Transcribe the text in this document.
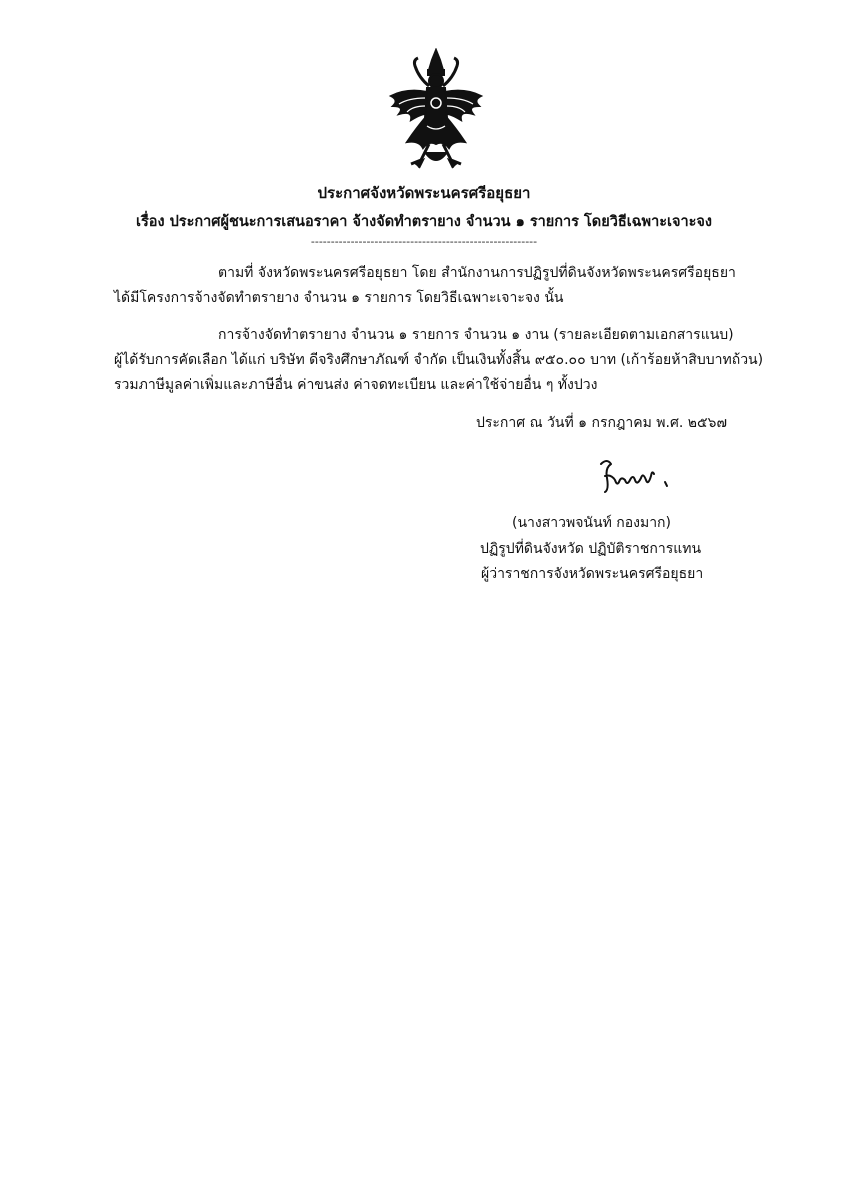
ประกาศจังหวัดพระนครศรีอยุธยา
เรื่อง ประกาศผู้ชนะการเสนอราคา จ้างจัดทำตรายาง จำนวน ๑ รายการ โดยวิธีเฉพาะเจาะจง
---------------------------------------------------------
ตามที่ จังหวัดพระนครศรีอยุธยา โดย สำนักงานการปฏิรูปที่ดินจังหวัดพระนครศรีอยุธยา
ได้มีโครงการจ้างจัดทำตรายาง จำนวน ๑ รายการ โดยวิธีเฉพาะเจาะจง นั้น
การจ้างจัดทำตรายาง จำนวน ๑ รายการ จำนวน ๑ งาน (รายละเอียดตามเอกสารแนบ)
ผู้ได้รับการคัดเลือก ได้แก่ บริษัท ดีจริงศึกษาภัณฑ์ จำกัด เป็นเงินทั้งสิ้น ๙๕๐.๐๐ บาท (เก้าร้อยห้าสิบบาทถ้วน)
รวมภาษีมูลค่าเพิ่มและภาษีอื่น ค่าขนส่ง ค่าจดทะเบียน และค่าใช้จ่ายอื่น ๆ ทั้งปวง
ประกาศ ณ วันที่ ๑ กรกฎาคม พ.ศ. ๒๕๖๗
(นางสาวพจนันท์ กองมาก)
ปฏิรูปที่ดินจังหวัด ปฏิบัติราชการแทน
ผู้ว่าราชการจังหวัดพระนครศรีอยุธยา
